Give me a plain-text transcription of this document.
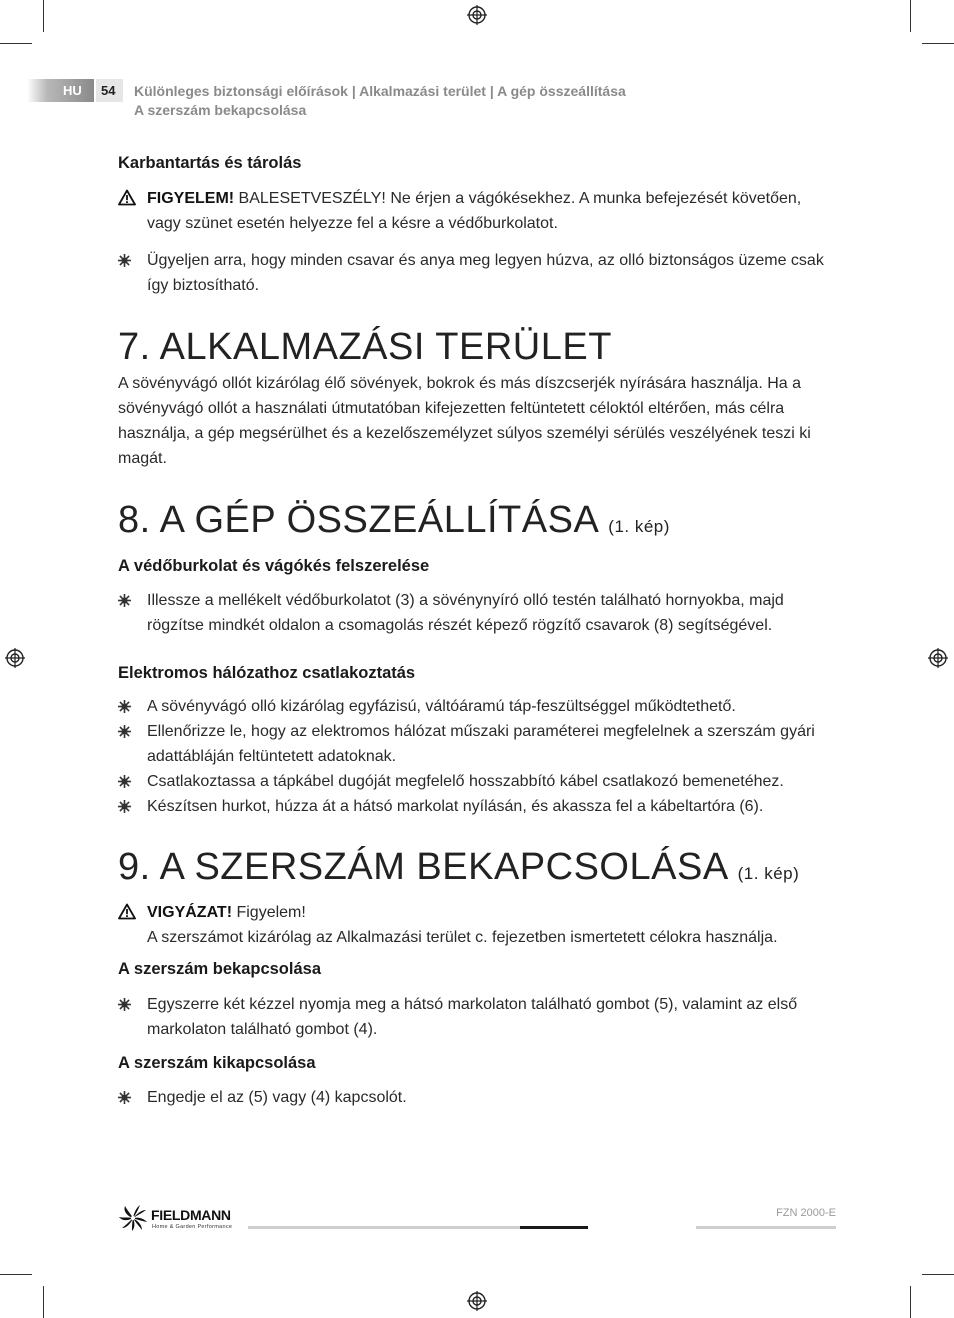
HU 54 Különleges biztonsági előírások | Alkalmazási terület | A gép összeállítása
A szerszám bekapcsolása
Karbantartás és tárolás
FIGYELEM! BALESETVESZÉLY! Ne érjen a vágókésekhez. A munka befejezését követően, vagy szünet esetén helyezze fel a késre a védőburkolatot.
Ügyeljen arra, hogy minden csavar és anya meg legyen húzva, az olló biztonságos üzeme csak így biztosítható.
7. ALKALMAZÁSI TERÜLET

A sövényvágó ollót kizárólag élő sövények, bokrok és más díszcserjék nyírására használja. Ha a sövényvágó ollót a használati útmutatóban kifejezetten feltüntetett céloktól eltérően, más célra használja, a gép megsérülhet és a kezelőszemélyzet súlyos személyi sérülés veszélyének teszi ki magát.

8. A GÉP ÖSSZEÁLLÍTÁSA (1. kép)
A védőburkolat és vágókés felszerelése
Illessze a mellékelt védőburkolatot (3) a sövénynyíró olló testén található hornyokba, majd rögzítse mindkét oldalon a csomagolás részét képező rögzítő csavarok (8) segítségével.
Elektromos hálózathoz csatlakoztatás
A sövényvágó olló kizárólag egyfázisú, váltóáramú táp-feszültséggel működtethető.
Ellenőrizze le, hogy az elektromos hálózat műszaki paraméterei megfelelnek a szerszám gyári adattábláján feltüntetett adatoknak.
Csatlakoztassa a tápkábel dugóját megfelelő hosszabbító kábel csatlakozó bemenetéhez.
Készítsen hurkot, húzza át a hátsó markolat nyílásán, és akassza fel a kábeltartóra (6).
9. A SZERSZÁM BEKAPCSOLÁSA (1. kép)
VIGYÁZAT! Figyelem!
A szerszámot kizárólag az Alkalmazási terület c. fejezetben ismertetett célokra használja.
A szerszám bekapcsolása
Egyszerre két kézzel nyomja meg a hátsó markolaton található gombot (5), valamint az első markolaton található gombot (4).
A szerszám kikapcsolása
Engedje el az (5) vagy (4) kapcsolót.
FIELDMANN
Home & Garden Performance
FZN 2000-E
